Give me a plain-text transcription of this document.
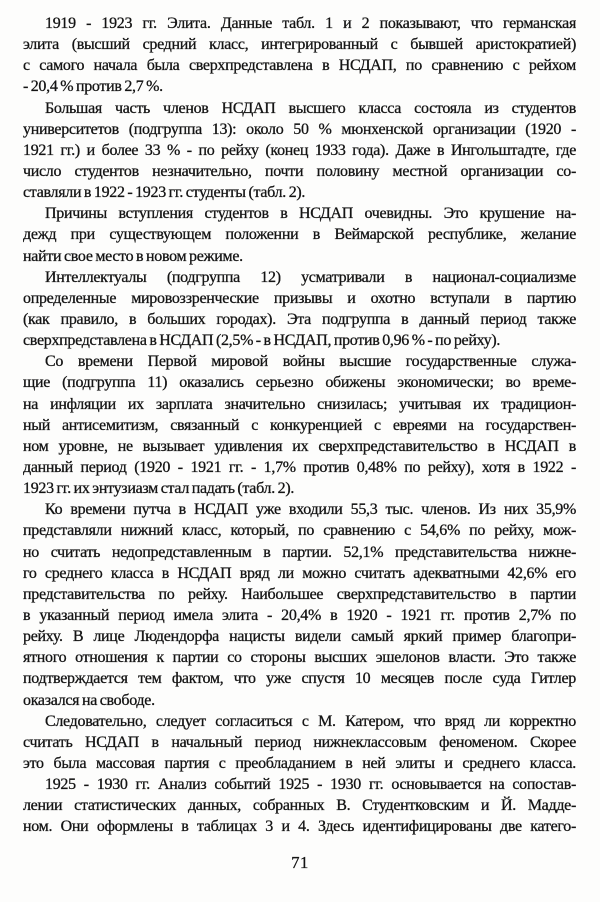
1919 - 1923 гг. Элита. Данные табл. 1 и 2 показывают, что германская
элита (высший средний класс, интегрированный с бывшей аристократией)
с самого начала была сверхпредставлена в НСДАП, по сравнению с рейхом
- 20,4 % против 2,7 %.
Большая часть членов НСДАП высшего класса состояла из студентов
университетов (подгруппа 13): около 50 % мюнхенской организации (1920 -
1921 гг.) и более 33 % - по рейху (конец 1933 года). Даже в Ингольштадте, где
число студентов незначительно, почти половину местной организации со-
ставляли в 1922 - 1923 гг. студенты (табл. 2).
Причины вступления студентов в НСДАП очевидны. Это крушение на-
дежд при существующем положенни в Веймарской республике, желание
найти свое место в новом режиме.
Интеллектуалы (подгруппа 12) усматривали в национал-социализме
определенные мировоззренческие призывы и охотно вступали в партию
(как правило, в больших городах). Эта подгруппа в данный период также
сверхпредставлена в НСДАП (2,5% - в НСДАП, против 0,96 % - по рейху).
Со времени Первой мировой войны высшие государственные служа-
щие (подгруппа 11) оказались серьезно обижены экономически; во време-
на инфляции их зарплата значительно снизилась; учитывая их традицион-
ный антисемитизм, связанный с конкуренцией с евреями на государствен-
ном уровне, не вызывает удивления их сверхпредставительство в НСДАП в
данный период (1920 - 1921 гг. - 1,7% против 0,48% по рейху), хотя в 1922 -
1923 гг. их энтузиазм стал падать (табл. 2).
Ко времени путча в НСДАП уже входили 55,3 тыс. членов. Из них 35,9%
представляли нижний класс, который, по сравнению с 54,6% по рейху, мож-
но считать недопредставленным в партии. 52,1% представительства нижне-
го среднего класса в НСДАП вряд ли можно считатъ адекватными 42,6% его
представительства по рейху. Наибольшее сверхпредставительство в партии
в указанный период имела элита - 20,4% в 1920 - 1921 гг. против 2,7% по
рейху. В лице Людендорфа нацисты видели самый яркий пример благопри-
ятного отношения к партии со стороны высших эшелонов власти. Это также
подтверждается тем фактом, что уже спустя 10 месяцев после суда Гитлер
оказался на свободе.
Следовательно, следует согласиться с М. Катером, что вряд ли корректно
считать НСДАП в начальный период нижнеклассовым феноменом. Скорее
это была массовая партия с преобладанием в ней элиты и среднего класса.
1925 - 1930 гг. Анализ событий 1925 - 1930 гг. основывается на сопостав-
лении статистических данных, собранных В. Студентковским и Й. Мадде-
ном. Они оформлены в таблицах 3 и 4. Здесь идентифицированы две катего-
71
